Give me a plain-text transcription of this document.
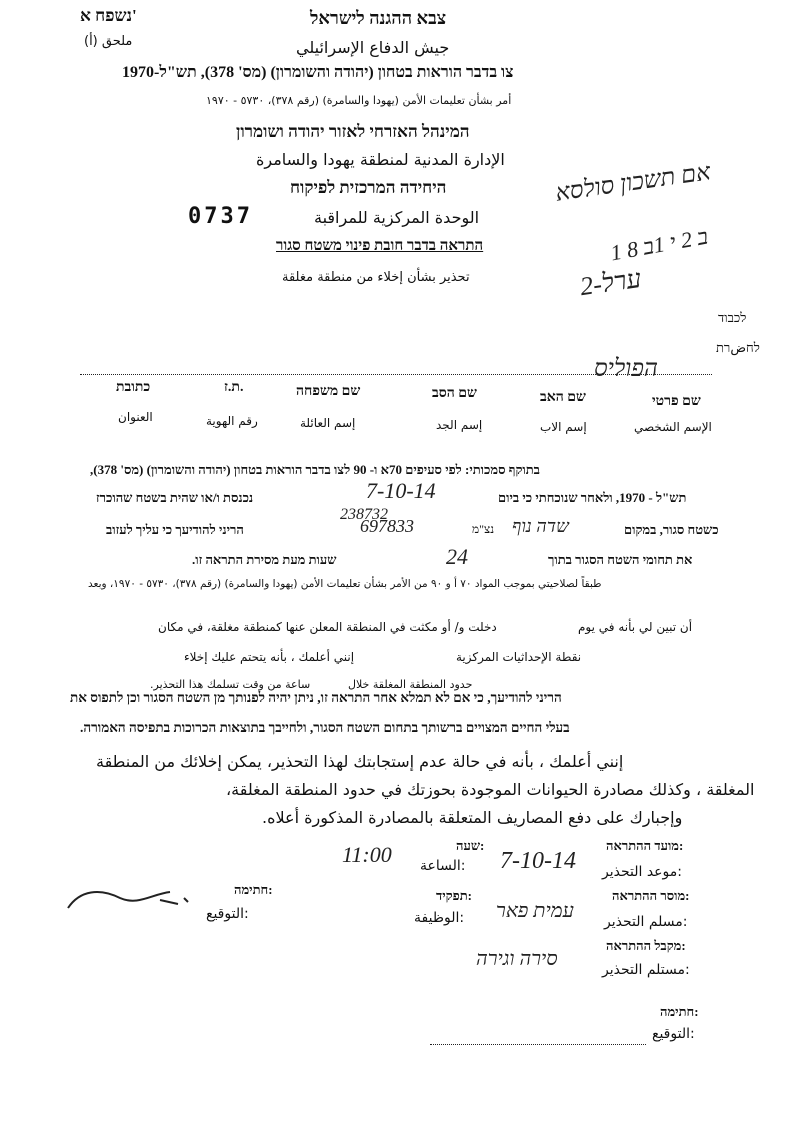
נשפח א'
ملحق (أ)
צבא ההגנה לישראל
جيش الدفاع الإسرائيلي
צו בדבר הוראות בטחון (יהודה והשומרון) (מס' 378), תש"ל-1970
أمر بشأن تعليمات الأمن (يهودا والسامرة) (رقم ٣٧٨)، ٥٧٣٠ - ١٩٧٠
המינהל האזרחי לאזור יהודה ושומרון
الإدارة المدنية لمنطقة يهودا والسامرة
היחידה המרכזית לפיקוח
0737	الوحدة المركزية للمراقبة
התראה בדבר חובת פינוי משטח סגור
تحذير بشأن إخلاء من منطقة مغلقة
אם תשכון סולסא
1 ב 2 י 1ב 8
2-ערל
לכבוד
לחضרת
הפוליס
שם פרטי
الإسم الشخصي
שם האב
إسم الاب
שם הסב
إسم الجد
שם משפחה
إسم العائلة
ת.ז.
رقم الهوية
כתובת
العنوان
בתוקף סמכותי: לפי סעיפים 70א ו- 90 לצו בדבר הוראות בטחון (יהודה והשומרון) (מס' 378),
תש"ל - 1970, ולאחר שנוכחתי כי ביום
7-10-14
נכנסת ו/או שהית בשטח שהוכרז
238732
כשטח סגור, במקום
שדה נוף
נצ"מ
697833
הריני להודיעך כי עליך לעזוב
את תחומי השטח הסגור בתוך
24
שעות מעת מסירת התראה זו.
طبقاً لصلاحيتي بموجب المواد ٧٠ أ و ٩٠ من الأمر بشأن تعليمات الأمن (يهودا والسامرة) (رقم ٣٧٨)، ٥٧٣٠ - ١٩٧٠، وبعد
أن تبين لي بأنه في يوم
دخلت و/ أو مكثت في المنطقة المعلن عنها كمنطقة مغلقة، في مكان
نقطة الإحداثيات المركزية
إنني أعلمك ، بأنه يتحتم عليك إخلاء
حدود المنطقة المغلقة خلال
ساعة من وقت تسلمك هذا التحذير.
הריני להודיעך, כי אם לא תמלא אחר התראה זו, ניתן יהיה לפנותך מן השטח הסגור וכן לתפוס את
בעלי החיים המצויים ברשותך בתחום השטח הסגור, ולחייבך בתוצאות הכרוכות בתפיסה האמורה.
إنني أعلمك ، بأنه في حالة عدم إستجابتك لهذا التحذير، يمكن إخلائك من المنطقة
المغلقة ، وكذلك مصادرة الحيوانات الموجودة بحوزتك في حدود المنطقة المغلقة،
وإجبارك على دفع المصاريف المتعلقة بالمصادرة المذكورة أعلاه.
מועד ההתראה:
موعد التحذير:
7-10-14
שעה:
الساعة:
11:00
מוסר ההתראה:
مسلم التحذير:
עמית פאר
תפקיד:
الوظيفة:
חתימה:
التوقيع:
מקבל ההתראה:
مستلم التحذير:
סירה וגירה
חתימה:
التوقيع:
